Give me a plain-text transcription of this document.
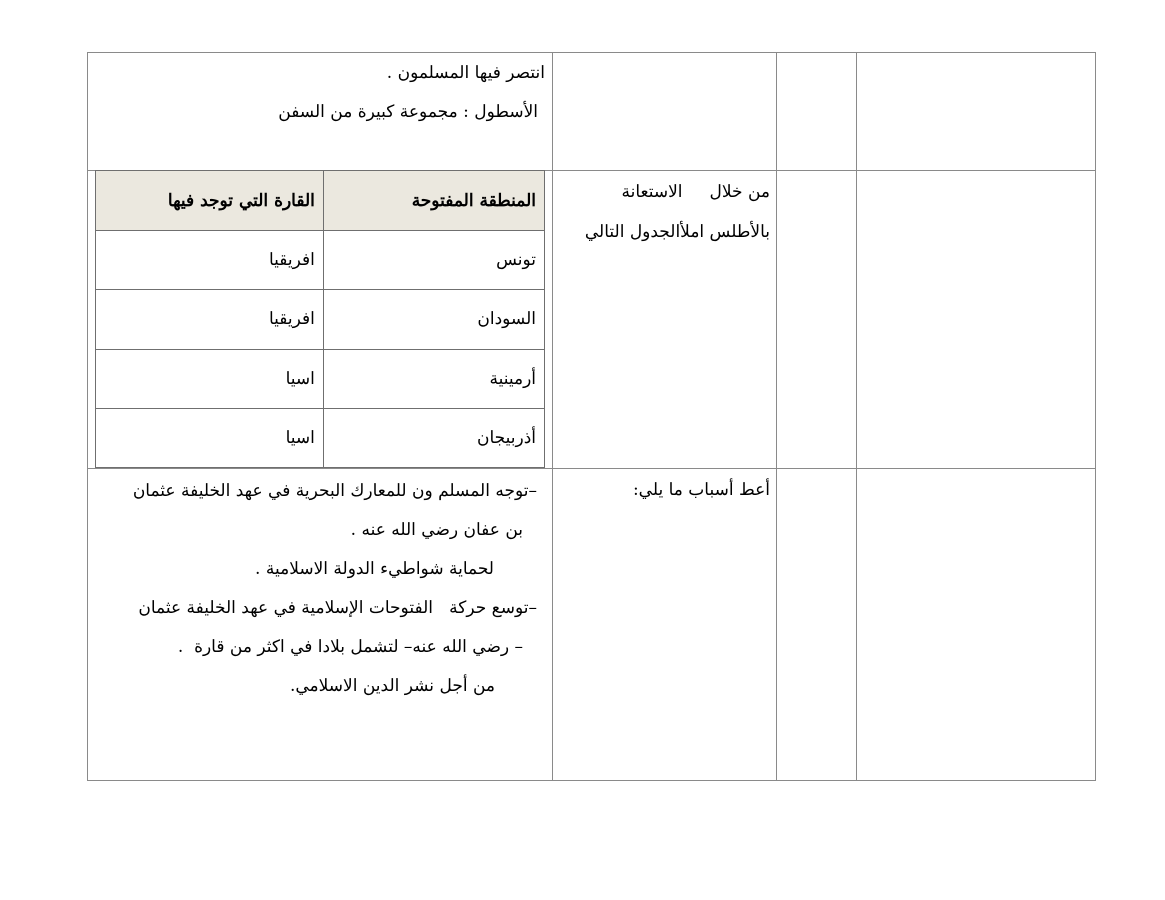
انتصر فيها المسلمون .
الأسطول : مجموعة كبيرة من السفن
من خلال     الاستعانة
بالأطلس املأالجدول التالي
المنطقة المفتوحة	القارة التي توجد فيها
تونس	افريقيا
السودان	افريقيا
أرمينية	اسيا
أذربيجان	اسيا
أعط أسباب ما يلي:
–توجه المسلم ون للمعارك البحرية في عهد الخليفة عثمان
بن عفان رضي الله عنه .
لحماية شواطيء الدولة الاسلامية .
–توسع حركة   الفتوحات الإسلامية في عهد الخليفة عثمان
– رضي الله عنه– لتشمل بلادا في اكثر من قارة  .
من أجل نشر الدين الاسلامي.
